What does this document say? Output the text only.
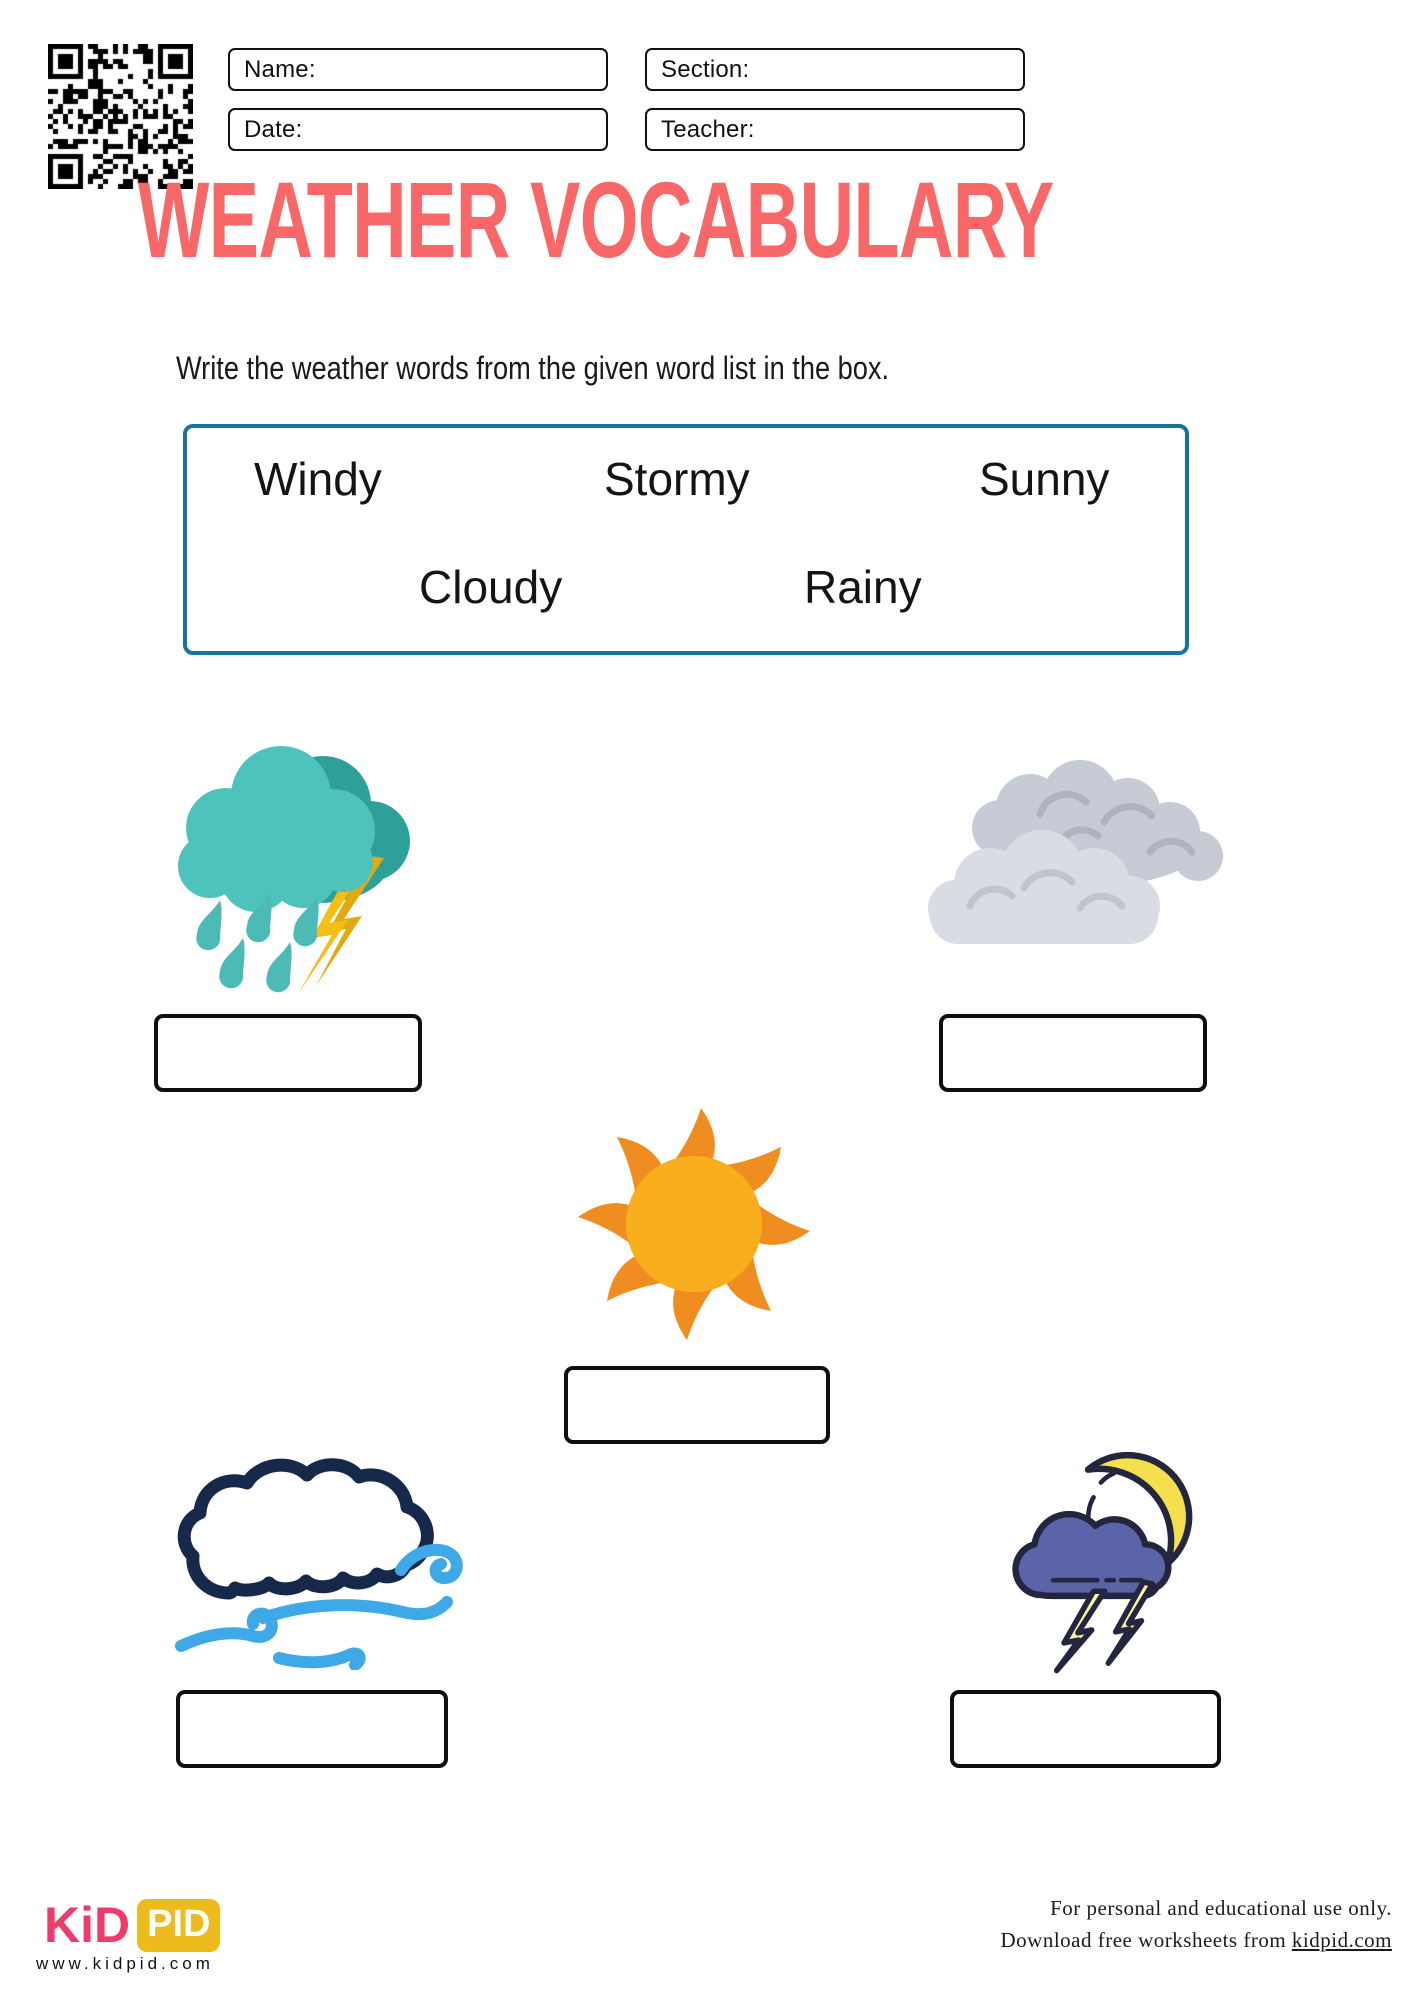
Name:	Section:
Date:	Teacher:
WEATHER VOCABULARY

Write the weather words from the given word list in the box.

Windy	Stormy	Sunny
Cloudy	Rainy
KiD PID
www.kidpid.com
For personal and educational use only.
Download free worksheets from kidpid.com
